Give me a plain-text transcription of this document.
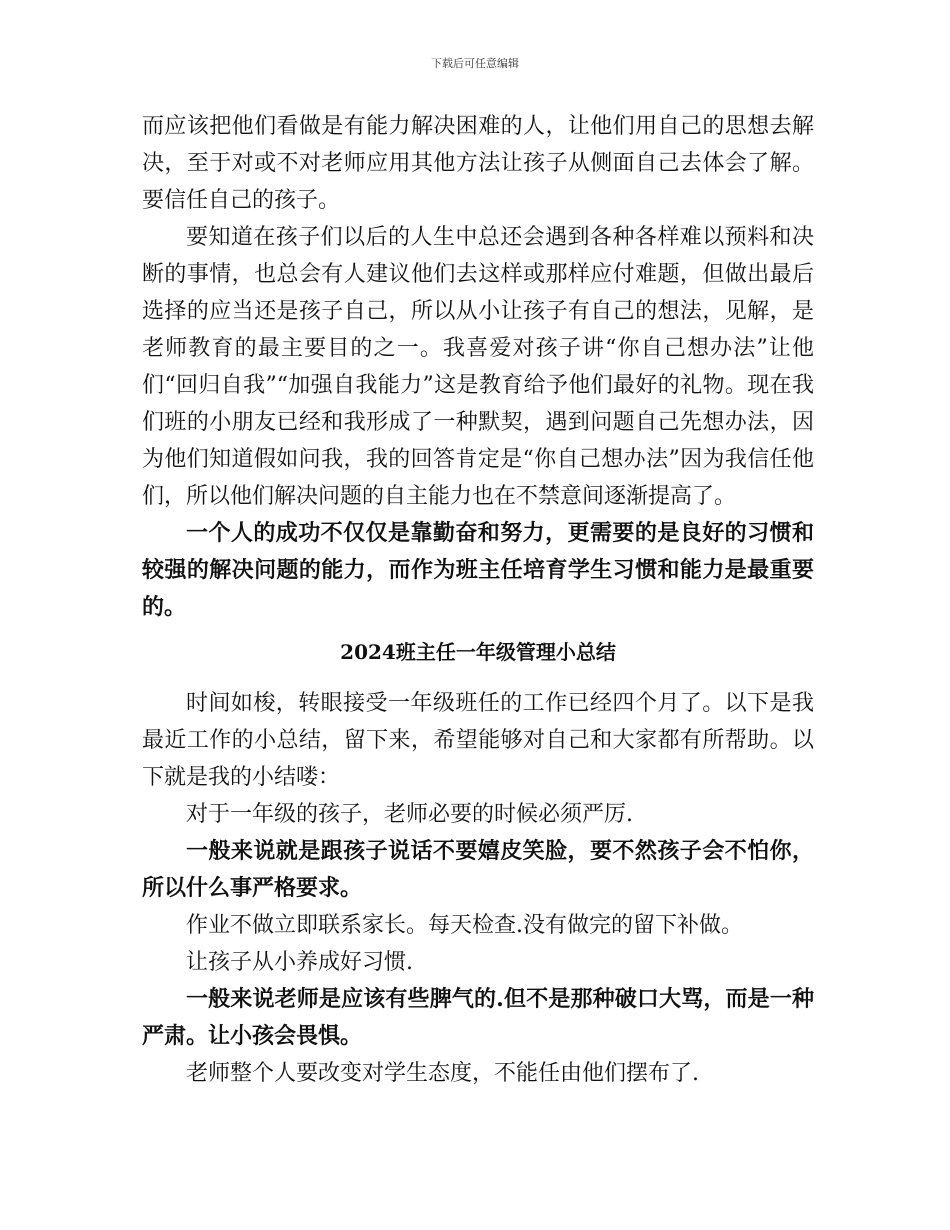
下载后可任意编辑

而应该把他们看做是有能力解决困难的人，让他们用自己的思想去解决，至于对或不对老师应用其他方法让孩子从侧面自己去体会了解。要信任自己的孩子。

要知道在孩子们以后的人生中总还会遇到各种各样难以预料和决断的事情，也总会有人建议他们去这样或那样应付难题，但做出最后选择的应当还是孩子自己，所以从小让孩子有自己的想法，见解，是老师教育的最主要目的之一。我喜爱对孩子讲“你自己想办法”让他们“回归自我”“加强自我能力”这是教育给予他们最好的礼物。现在我们班的小朋友已经和我形成了一种默契，遇到问题自己先想办法，因为他们知道假如问我，我的回答肯定是“你自己想办法”因为我信任他们，所以他们解决问题的自主能力也在不禁意间逐渐提高了。

一个人的成功不仅仅是靠勤奋和努力，更需要的是良好的习惯和较强的解决问题的能力，而作为班主任培育学生习惯和能力是最重要的。

2024班主任一年级管理小总结

时间如梭，转眼接受一年级班任的工作已经四个月了。以下是我最近工作的小总结，留下来，希望能够对自己和大家都有所帮助。以下就是我的小结喽：

对于一年级的孩子，老师必要的时候必须严厉.

一般来说就是跟孩子说话不要嬉皮笑脸，要不然孩子会不怕你，所以什么事严格要求。

作业不做立即联系家长。每天检查.没有做完的留下补做。

让孩子从小养成好习惯.

一般来说老师是应该有些脾气的.但不是那种破口大骂，而是一种严肃。让小孩会畏惧。

老师整个人要改变对学生态度，不能任由他们摆布了.
